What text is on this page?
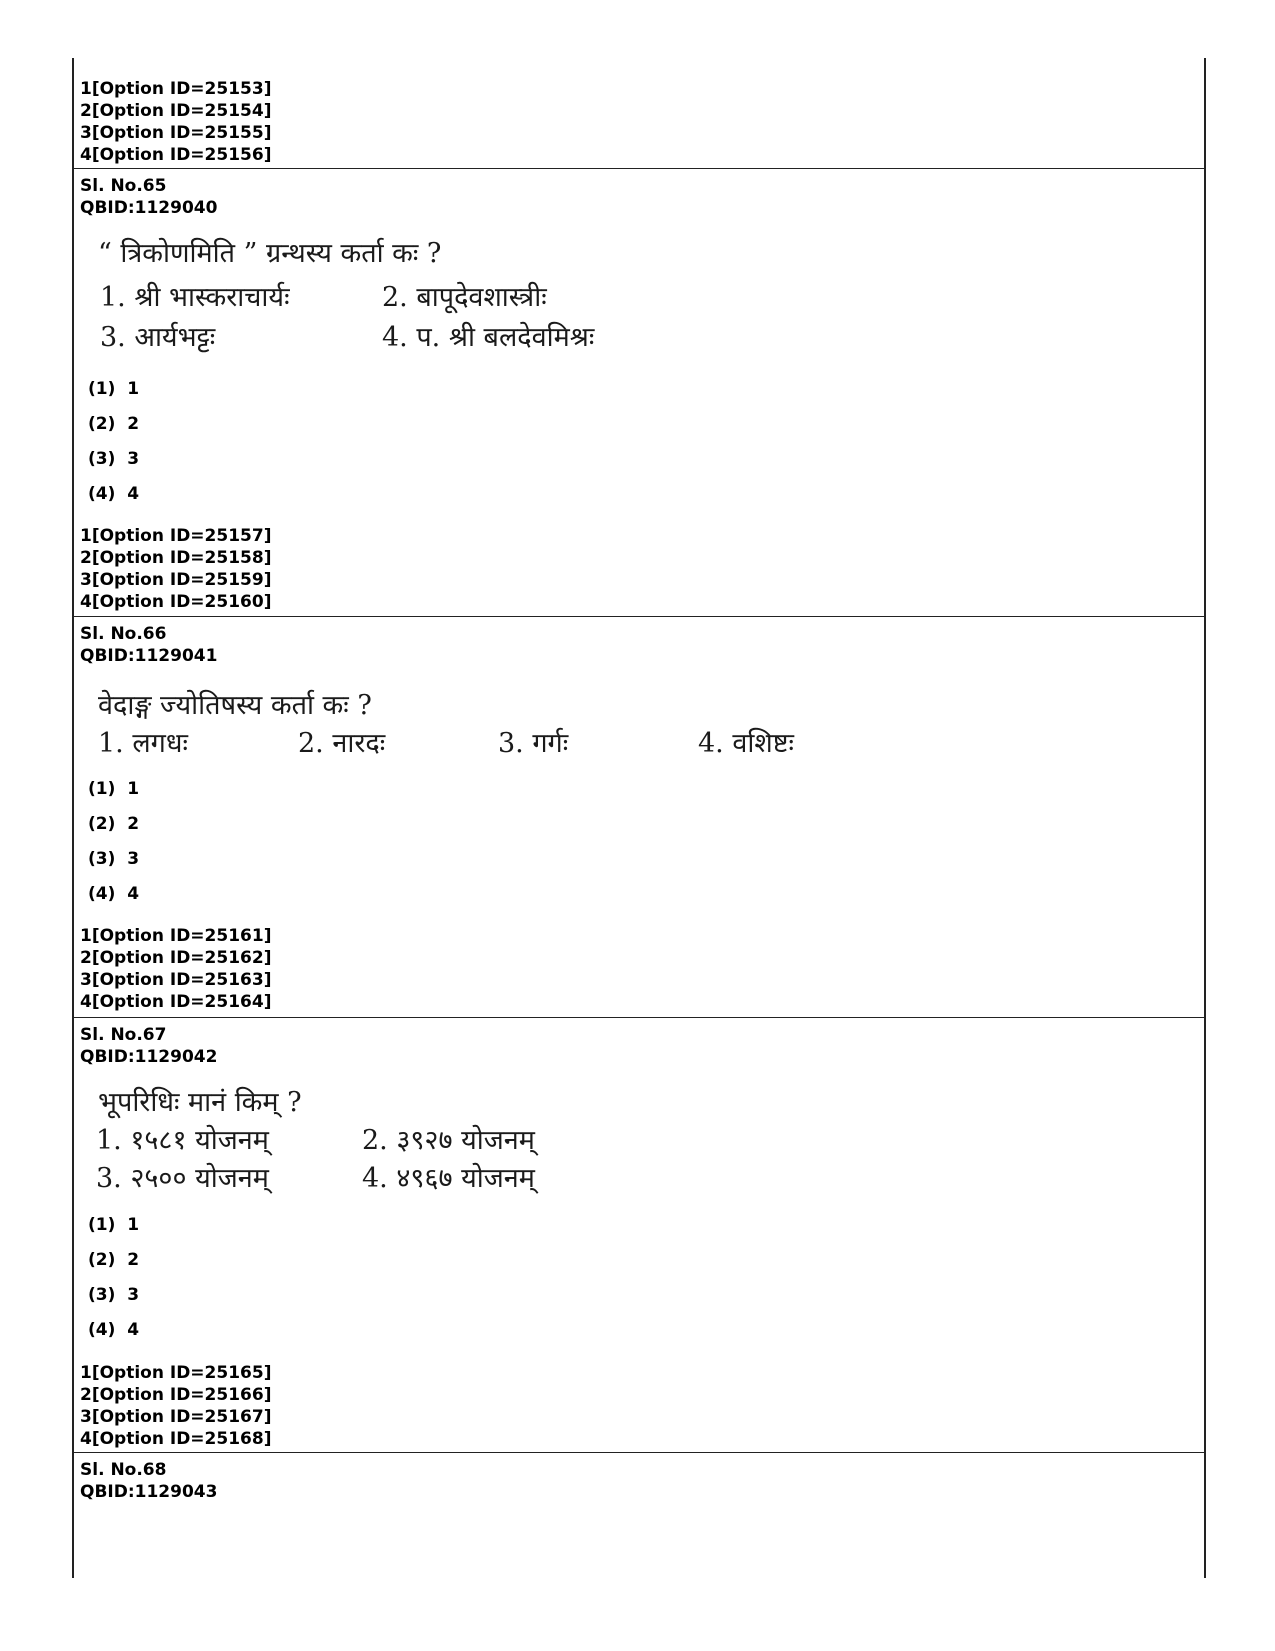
1[Option ID=25153]
2[Option ID=25154]
3[Option ID=25155]
4[Option ID=25156]
Sl. No.65
QBID:1129040
“ त्रिकोणमिति ” ग्रन्थस्य कर्ता कः ?
1. श्री भास्कराचार्यः	2. बापूदेवशास्त्रीः
3. आर्यभट्टः	4. प. श्री बलदेवमिश्रः
(1)  1
(2)  2
(3)  3
(4)  4
1[Option ID=25157]
2[Option ID=25158]
3[Option ID=25159]
4[Option ID=25160]
Sl. No.66
QBID:1129041
वेदाङ्ग ज्योतिषस्य कर्ता कः ?
1. लगधः	2. नारदः	3. गर्गः	4. वशिष्टः
(1)  1
(2)  2
(3)  3
(4)  4
1[Option ID=25161]
2[Option ID=25162]
3[Option ID=25163]
4[Option ID=25164]
Sl. No.67
QBID:1129042
भूपरिधिः मानं किम् ?
1. १५८१ योजनम्	2. ३९२७ योजनम्
3. २५०० योजनम्	4. ४९६७ योजनम्
(1)  1
(2)  2
(3)  3
(4)  4
1[Option ID=25165]
2[Option ID=25166]
3[Option ID=25167]
4[Option ID=25168]
Sl. No.68
QBID:1129043
